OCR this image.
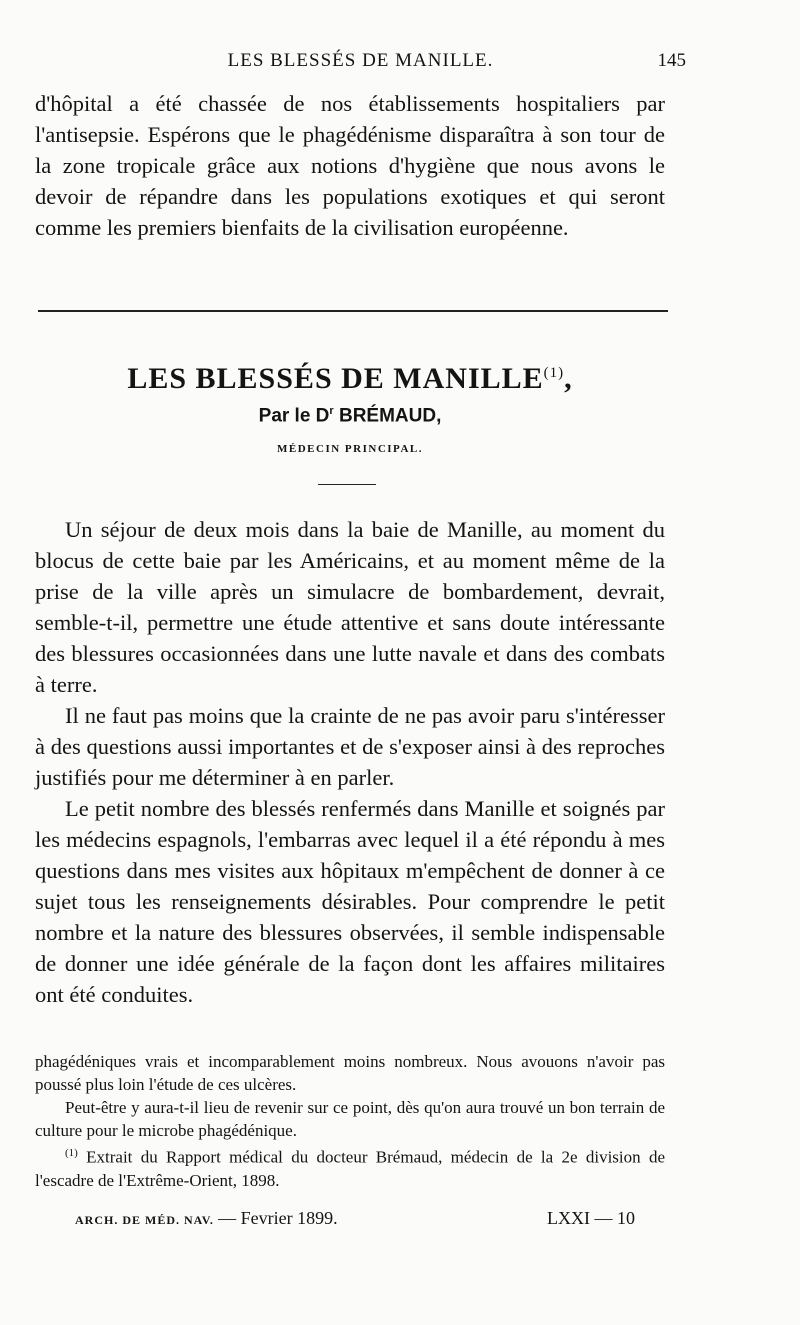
LES BLESSÉS DE MANILLE.	145

d'hôpital a été chassée de nos établissements hospitaliers par l'antisepsie. Espérons que le phagédénisme disparaîtra à son tour de la zone tropicale grâce aux notions d'hygiène que nous avons le devoir de répandre dans les populations exotiques et qui seront comme les premiers bienfaits de la civilisation européenne.

LES BLESSÉS DE MANILLE$^{(1)}$,
Par le $D^r$ BRÉMAUD,
MÉDECIN PRINCIPAL.

Un séjour de deux mois dans la baie de Manille, au moment du blocus de cette baie par les Américains, et au moment même de la prise de la ville après un simulacre de bombardement, devrait, semble-t-il, permettre une étude attentive et sans doute intéressante des blessures occasionnées dans une lutte navale et dans des combats à terre.

Il ne faut pas moins que la crainte de ne pas avoir paru s'intéresser à des questions aussi importantes et de s'exposer ainsi à des reproches justifiés pour me déterminer à en parler.

Le petit nombre des blessés renfermés dans Manille et soignés par les médecins espagnols, l'embarras avec lequel il a été répondu à mes questions dans mes visites aux hôpitaux m'empêchent de donner à ce sujet tous les renseignements désirables. Pour comprendre le petit nombre et la nature des blessures observées, il semble indispensable de donner une idée générale de la façon dont les affaires militaires ont été conduites.

phagédéniques vrais et incomparablement moins nombreux. Nous avouons n'avoir pas poussé plus loin l'étude de ces ulcères.

Peut-être y aura-t-il lieu de revenir sur ce point, dès qu'on aura trouvé un bon terrain de culture pour le microbe phagédénique.

$^{(1)}$ Extrait du Rapport médical du docteur Brémaud, médecin de la 2e division de l'escadre de l'Extrême-Orient, 1898.

ARCH. DE MÉD. NAV. — Fevrier 1899.	LXXI — 10
